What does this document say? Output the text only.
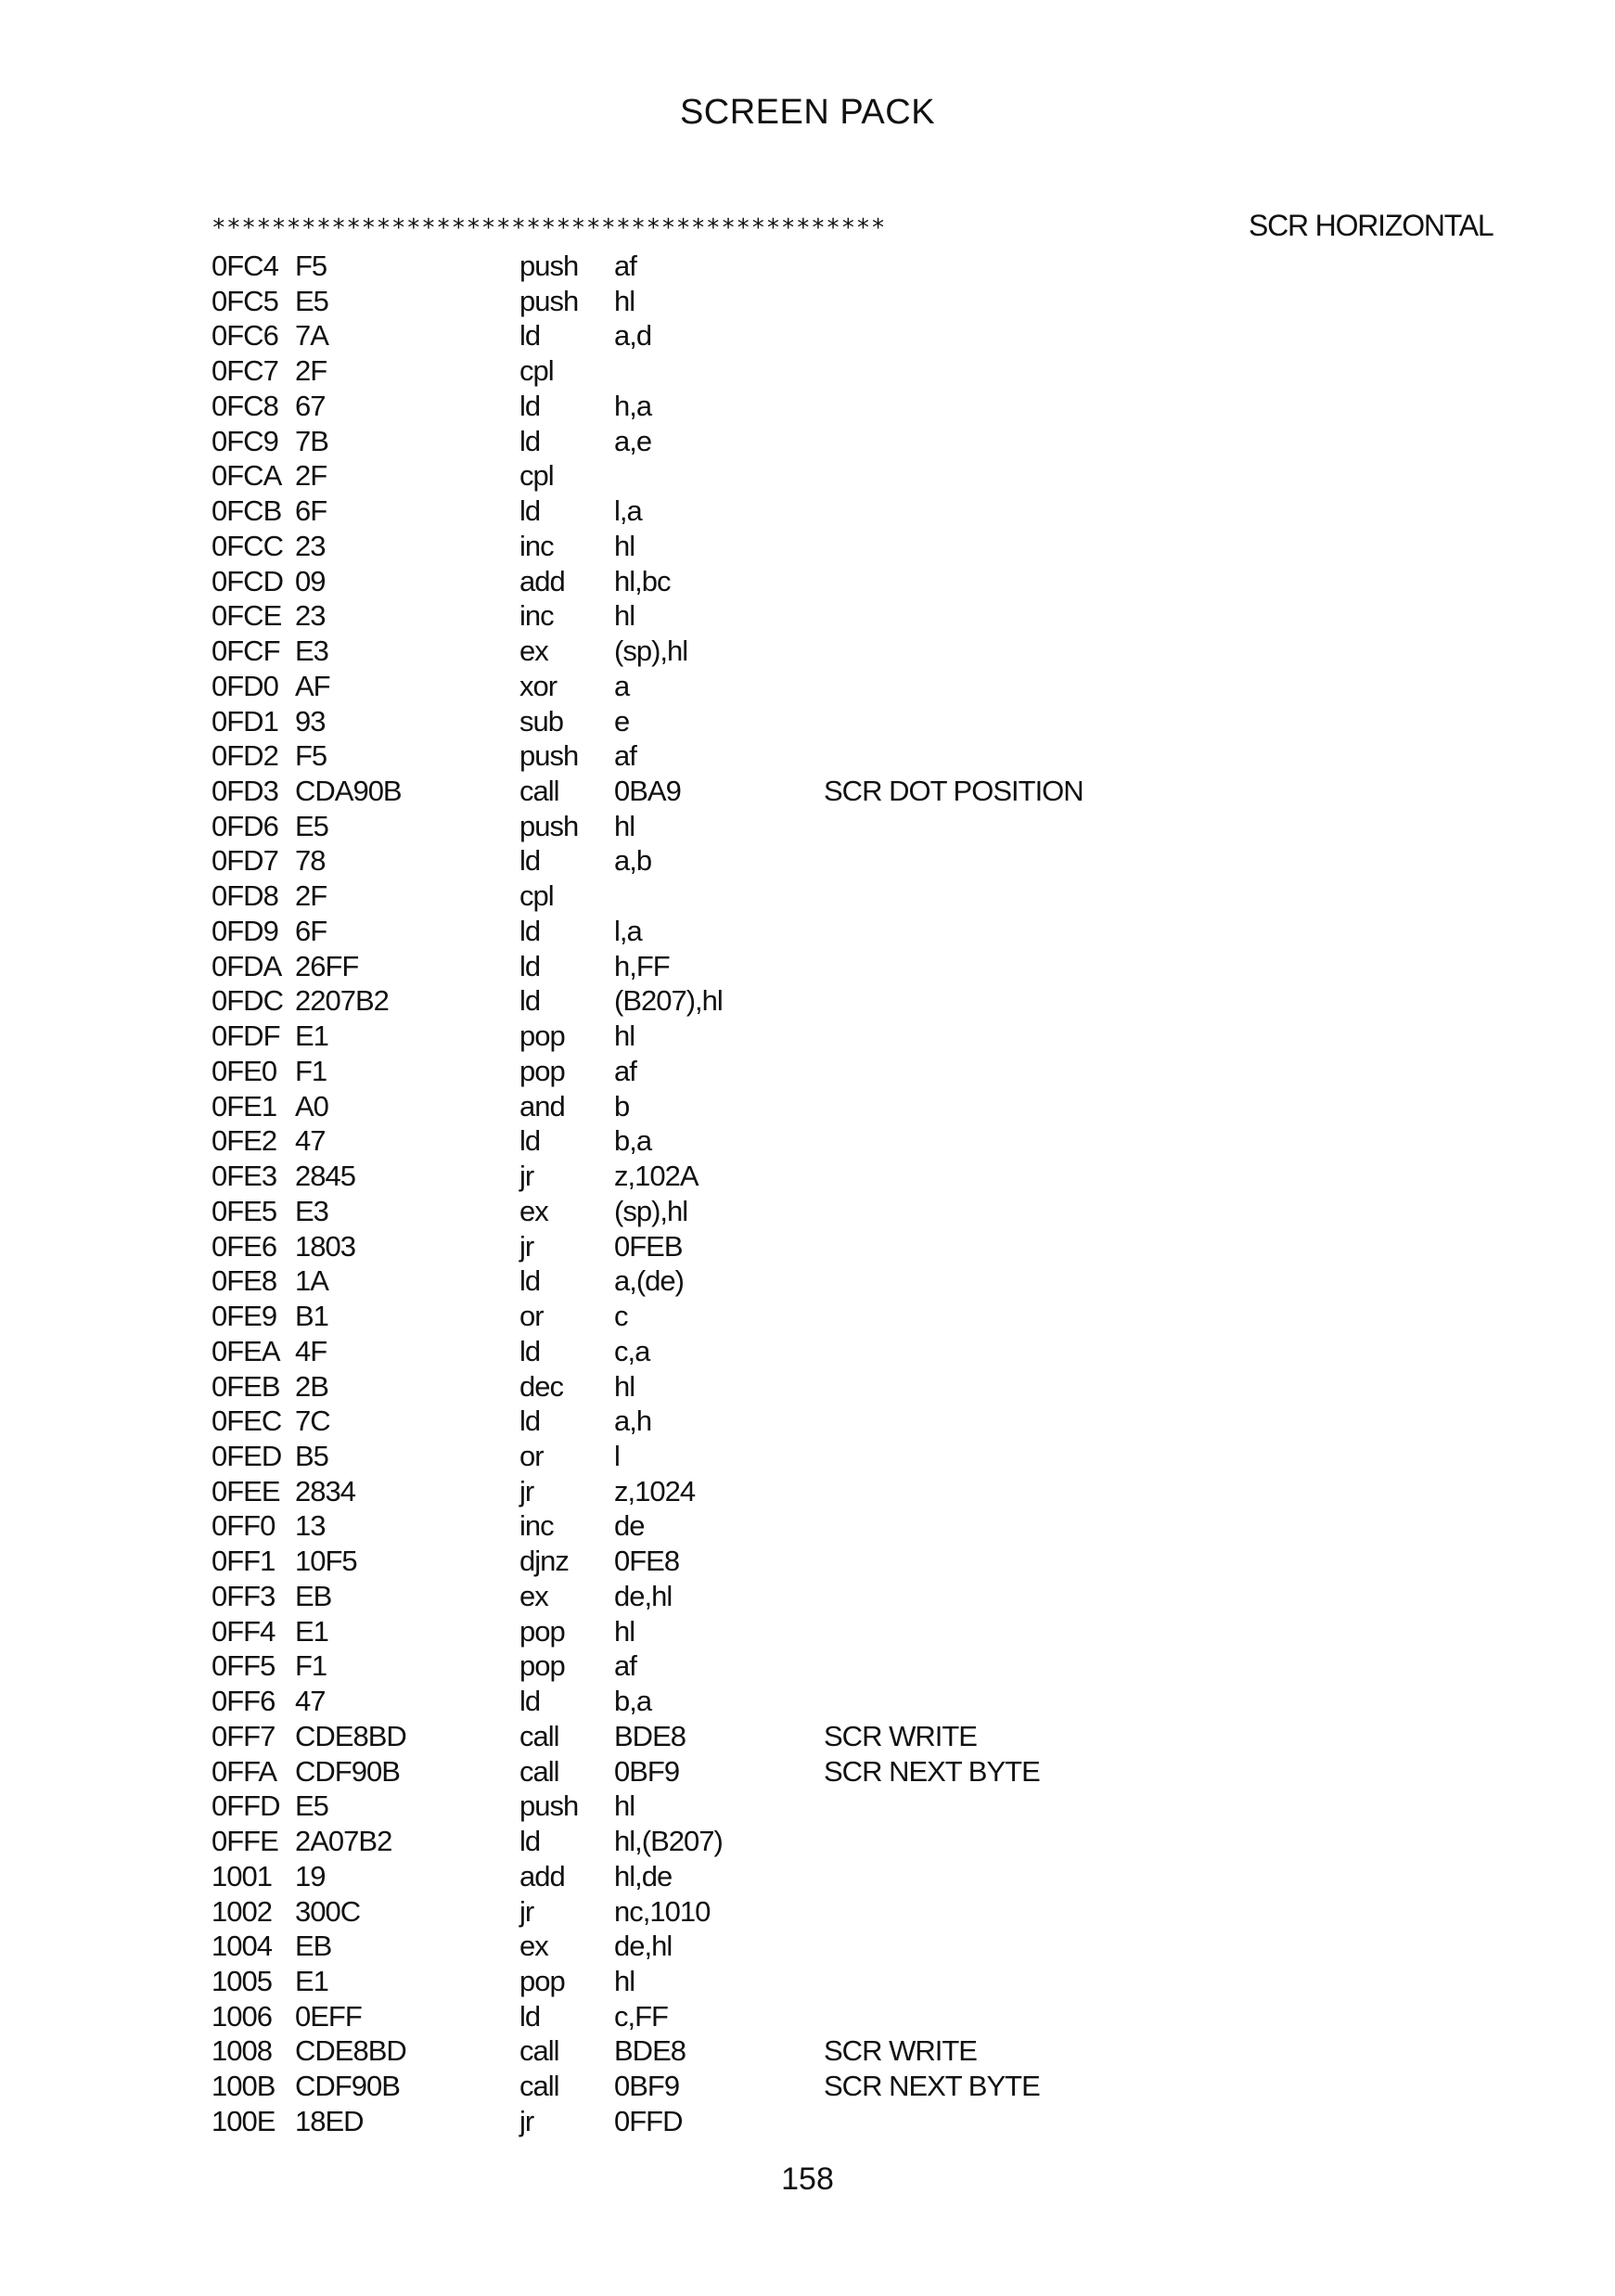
SCREEN PACK
*********************************************	SCR HORIZONTAL
0FC4 F5	push af
0FC5 E5	push hl
0FC6 7A	ld	a,d
0FC7 2F	cpl
0FC8 67	ld	h,a
0FC9 7B	ld	a,e
0FCA 2F	cpl
0FCB 6F	ld	l,a
0FCC 23	inc hl
0FCD 09	add hl,bc
0FCE 23	inc hl
0FCF E3	ex (sp),hl
0FD0 AF	xor a
0FD1 93	sub e
0FD2 F5	push af
0FD3 CDA90B	call 0BA9	SCR DOT POSITION
0FD6 E5	push hl
0FD7 78	ld	a,b
0FD8 2F	cpl
0FD9 6F	ld	l,a
0FDA 26FF	ld	h,FF
0FDC 2207B2	ld	(B207),hl
0FDF E1	pop hl
0FE0 F1	pop af
0FE1 A0	and b
0FE2 47	ld	b,a
0FE3 2845	jr	z,102A
0FE5 E3	ex (sp),hl
0FE6 1803	jr	0FEB
0FE8 1A	ld	a,(de)
0FE9 B1	or c
0FEA 4F	ld	c,a
0FEB 2B	dec hl
0FEC 7C	ld	a,h
0FED B5	or l
0FEE 2834	jr	z,1024
0FF0 13	inc de
0FF1 10F5	djnz 0FE8
0FF3 EB	ex de,hl
0FF4 E1	pop hl
0FF5 F1	pop af
0FF6 47	ld	b,a
0FF7 CDE8BD	call BDE8	SCR WRITE
0FFA CDF90B	call 0BF9	SCR NEXT BYTE
0FFD E5	push hl
0FFE 2A07B2	ld	hl,(B207)
1001 19	add hl,de
1002 300C	jr	nc,1010
1004 EB	ex de,hl
1005 E1	pop hl
1006 0EFF	ld	c,FF
1008 CDE8BD	call BDE8	SCR WRITE
100B CDF90B	call 0BF9	SCR NEXT BYTE
100E 18ED	jr	0FFD
158
